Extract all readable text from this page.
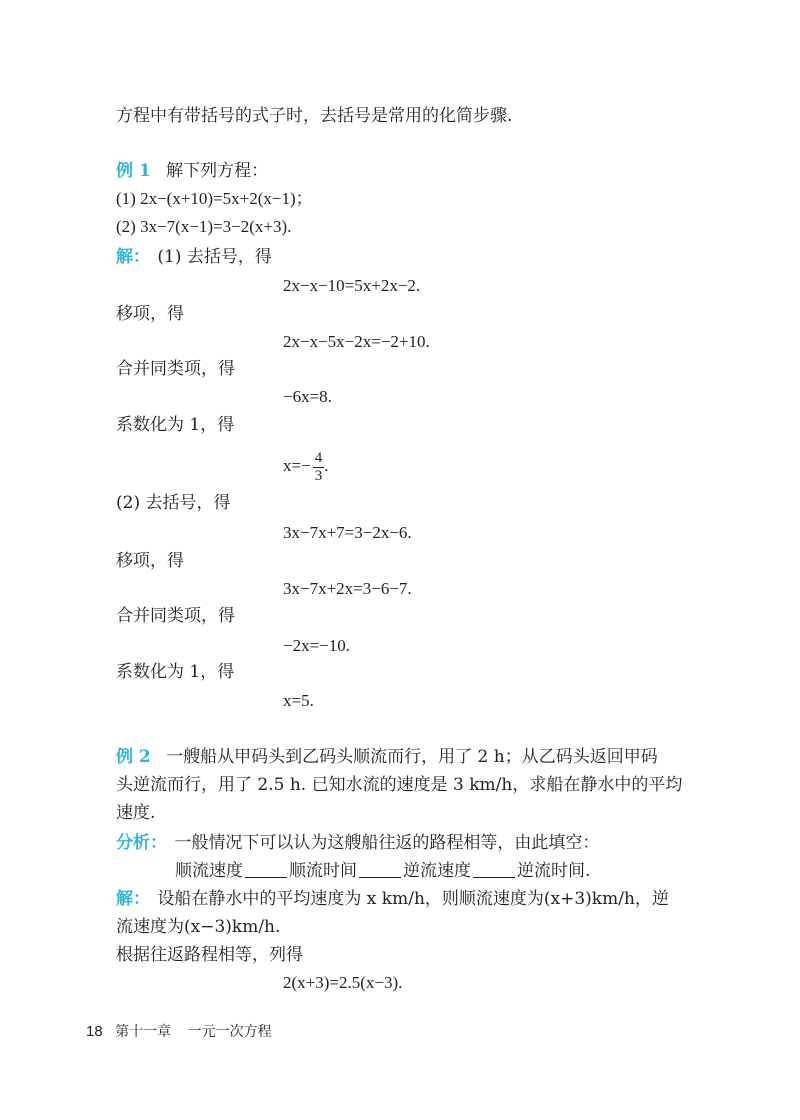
方程中有带括号的式子时，去括号是常用的化简步骤.
例 1 解下列方程：
(1) 2x−(x+10)=5x+2(x−1)；
(2) 3x−7(x−1)=3−2(x+3).
解： (1) 去括号，得
2x−x−10=5x+2x−2.
移项，得
2x−x−5x−2x=−2+10.
合并同类项，得
−6x=8.
系数化为 1，得
$x=- \frac{4}{3}$ .
(2) 去括号，得
3x−7x+7=3−2x−6.
移项，得
3x−7x+2x=3−6−7.
合并同类项，得
−2x=−10.
系数化为 1，得
x=5.
例 2 一艘船从甲码头到乙码头顺流而行，用了 2 h；从乙码头返回甲码
头逆流而行，用了 2.5 h. 已知水流的速度是 3 km/h，求船在静水中的平均
速度.
分析： 一般情况下可以认为这艘船往返的路程相等，由此填空：
顺流速度	顺流时间	逆流速度	逆流时间.
解： 设船在静水中的平均速度为 x km/h，则顺流速度为(x+3)km/h，逆
流速度为(x−3)km/h.
根据往返路程相等，列得
2(x+3)=2.5(x−3).
18 第十一章 一元一次方程
